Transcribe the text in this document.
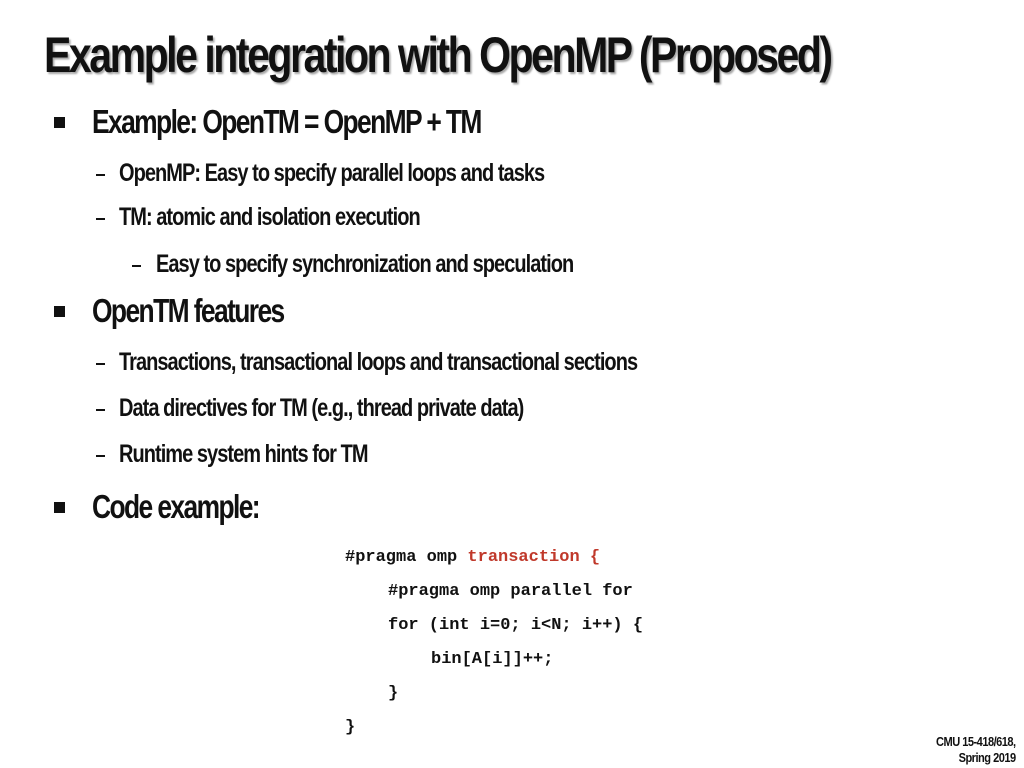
Example integration with OpenMP (Proposed)
Example: OpenTM = OpenMP + TM
OpenMP: Easy to specify parallel loops and tasks
TM: atomic and isolation execution
Easy to specify synchronization and speculation
OpenTM features
Transactions, transactional loops and transactional sections
Data directives for TM (e.g., thread private data)
Runtime system hints for TM
Code example:
#pragma omp transaction {
#pragma omp parallel for
for (int i=0; i<N; i++) {
bin[A[i]]++;
}
}
CMU 15-418/618,
Spring 2019
